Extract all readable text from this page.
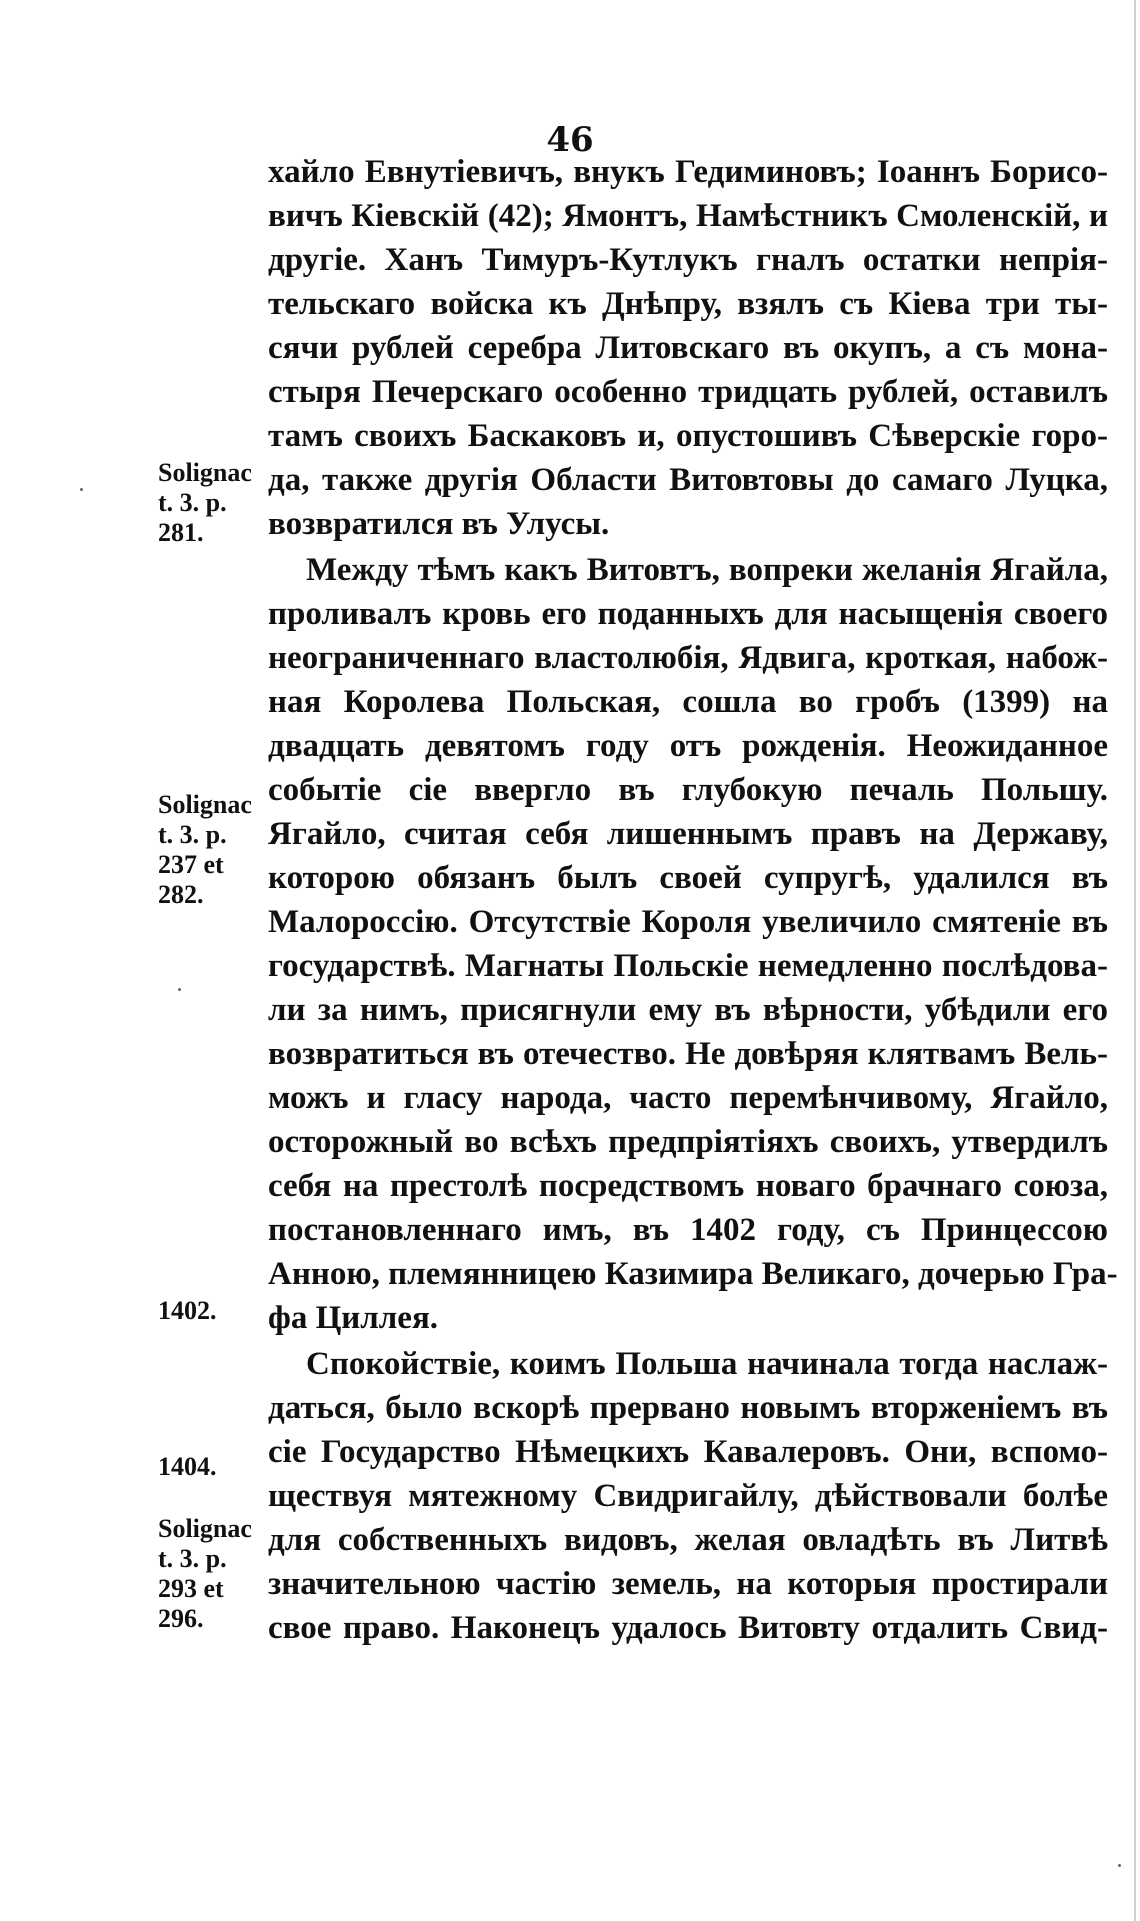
46
хайло Евнутіевичъ, внукъ Гедиминовъ; Іоаннъ Борисо-
вичъ Кіевскій (42); Ямонтъ, Намѣстникъ Смоленскій, и
другіе. Ханъ Тимуръ-Кутлукъ гналъ остатки непрія-
тельскаго войска къ Днѣпру, взялъ съ Кіева три ты-
сячи рублей серебра Литовскаго въ окупъ, а съ мона-
стыря Печерскаго особенно тридцать рублей, оставилъ
тамъ своихъ Баскаковъ и, опустошивъ Сѣверскіе горо-
да, также другія Области Витовтовы до самаго Луцка,
возвратился въ Улусы.
Между тѣмъ какъ Витовтъ, вопреки желанія Ягайла,
проливалъ кровь его поданныхъ для насыщенія своего
неограниченнаго властолюбія, Ядвига, кроткая, набож-
ная Королева Польская, сошла во гробъ (1399) на
двадцать девятомъ году отъ рожденія. Неожиданное
событіе сіе ввергло въ глубокую печаль Польшу.
Ягайло, считая себя лишеннымъ правъ на Державу,
которою обязанъ былъ своей супругѣ, удалился въ
Малороссію. Отсутствіе Короля увеличило смятеніе въ
государствѣ. Магнаты Польскіе немедленно послѣдова-
ли за нимъ, присягнули ему въ вѣрности, убѣдили его
возвратиться въ отечество. Не довѣряя клятвамъ Вель-
можъ и гласу народа, часто перемѣнчивому, Ягайло,
осторожный во всѣхъ предпріятіяхъ своихъ, утвердилъ
себя на престолѣ посредствомъ новаго брачнаго союза,
постановленнаго имъ, въ 1402 году, съ Принцессою
Анною, племянницею Казимира Великаго, дочерью Гра-
фа Циллея.
Спокойствіе, коимъ Польша начинала тогда наслаж-
даться, было вскорѣ прервано новымъ вторженіемъ въ
сіе Государство Нѣмецкихъ Кавалеровъ. Они, вспомо-
ществуя мятежному Свидригайлу, дѣйствовали болѣе
для собственныхъ видовъ, желая овладѣть въ Литвѣ
значительною частію земель, на которыя простирали
свое право. Наконецъ удалось Витовту отдалить Свид-
Solignac
t. 3. p.
281.
Solignac
t. 3. p.
237 et
282.
1402.
1404.
Solignac
t. 3. p.
293 et
296.
